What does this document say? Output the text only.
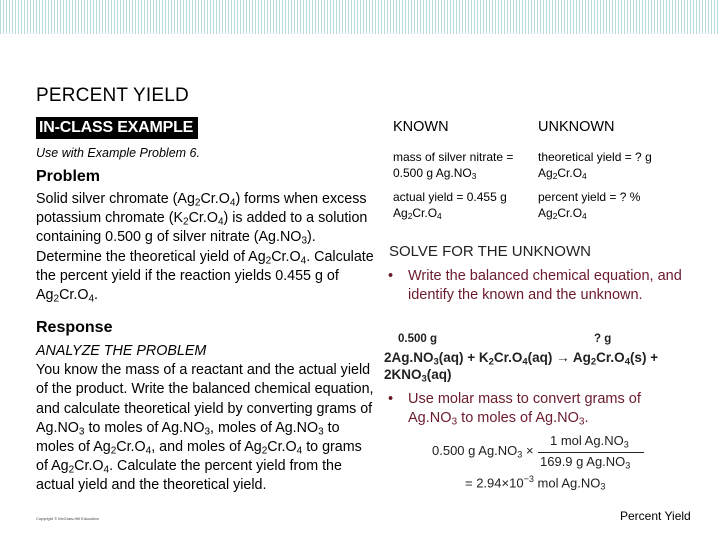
PERCENT YIELD
IN-CLASS EXAMPLE
Use with Example Problem 6.
Problem
Solid silver chromate $(Ag_2Cr.O_4)$ forms when excess potassium chromate $(K_2Cr.O_4)$ is added to a solution containing 0.500 g of silver nitrate $(Ag.NO_3)$. Determine the theoretical yield of $Ag_2Cr.O_4$. Calculate the percent yield if the reaction yields 0.455 g of $Ag_2Cr.O_4$.
Response
ANALYZE THE PROBLEM
You know the mass of a reactant and the actual yield of the product. Write the balanced chemical equation, and calculate theoretical yield by converting grams of $Ag.NO_3$ to moles of $Ag.NO_3$, moles of $Ag.NO_3$ to moles of $Ag_2Cr.O_4$, and moles of $Ag_2Cr.O_4$ to grams of $Ag_2Cr.O_4$. Calculate the percent yield from the actual yield and the theoretical yield.
Copyright © McGraw-Hill Education
KNOWN	UNKNOWN
mass of silver nitrate = 0.500 g $Ag.NO_3$
actual yield = 0.455 g $Ag_2Cr.O_4$
theoretical yield = ? g $Ag_2Cr.O_4$
percent yield = ? % $Ag_2Cr.O_4$
SOLVE FOR THE UNKNOWN
• Write the balanced chemical equation, and identify the known and the unknown.
0.500 g	? g
$2Ag.NO_3(aq) + K_2Cr.O_4(aq) \to Ag_2Cr.O_4(s) + 2KNO_3(aq)$
• Use molar mass to convert grams of $Ag.NO_3$ to moles of $Ag.NO_3$.
0.500 g $Ag.NO_3$ ×
1 mol $Ag.NO_3$
169.9 g $Ag.NO_3$
= $2.94\times 10^{-3}$ mol $Ag.NO_3$
Percent Yield
